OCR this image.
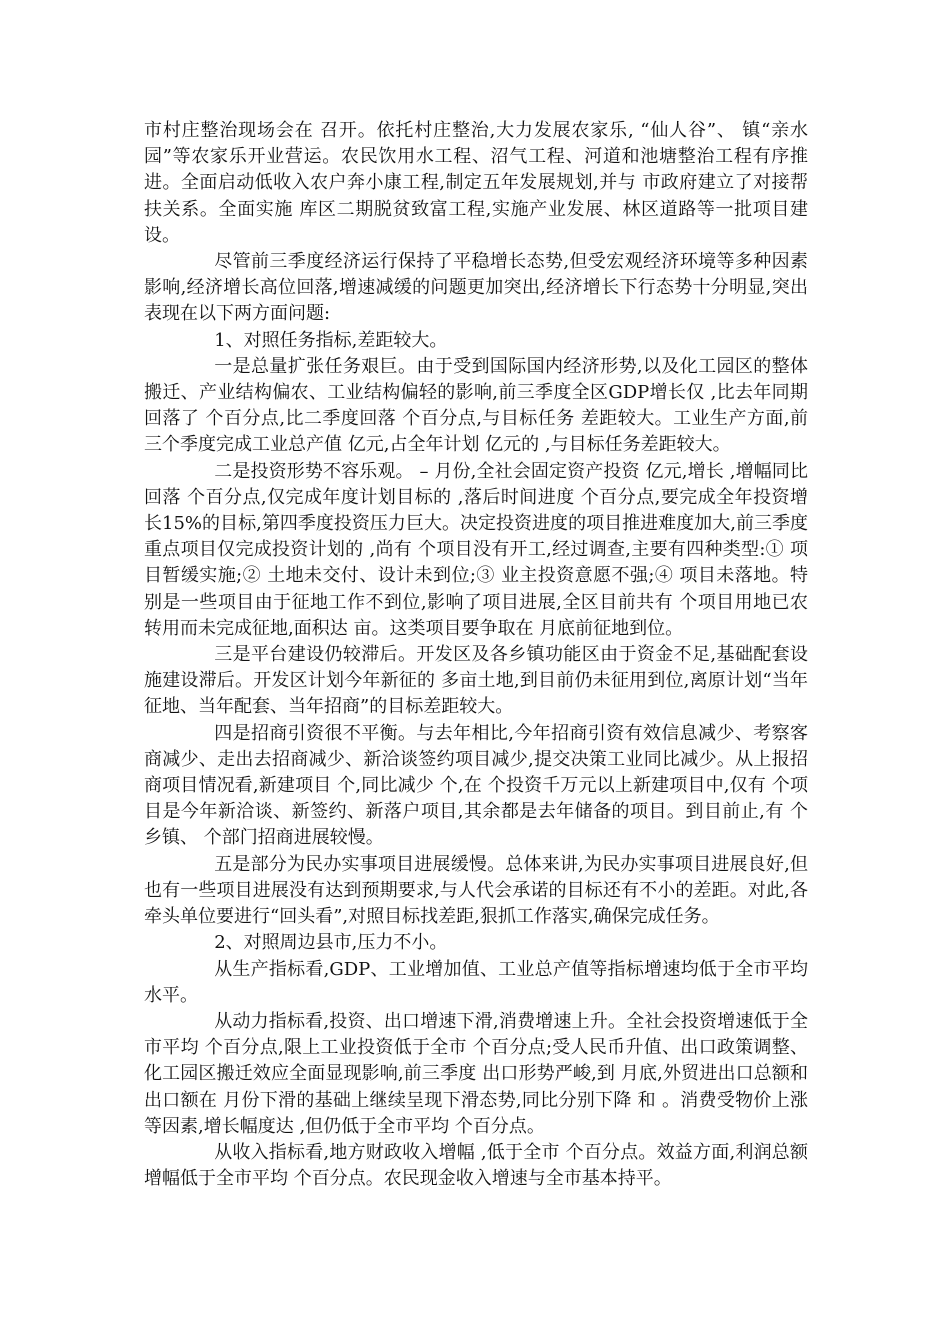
市村庄整治现场会在 召开。依托村庄整治,大力发展农家乐, “仙人谷”、 镇“亲水园”等农家乐开业营运。农民饮用水工程、沼气工程、河道和池塘整治工程有序推进。全面启动低收入农户奔小康工程,制定五年发展规划,并与 市政府建立了对接帮扶关系。全面实施 库区二期脱贫致富工程,实施产业发展、林区道路等一批项目建设。

尽管前三季度经济运行保持了平稳增长态势,但受宏观经济环境等多种因素影响,经济增长高位回落,增速减缓的问题更加突出,经济增长下行态势十分明显,突出表现在以下两方面问题:

1、对照任务指标,差距较大。

一是总量扩张任务艰巨。由于受到国际国内经济形势,以及化工园区的整体搬迁、产业结构偏农、工业结构偏轻的影响,前三季度全区GDP增长仅 ,比去年同期回落了 个百分点,比二季度回落 个百分点,与目标任务 差距较大。工业生产方面,前三个季度完成工业总产值 亿元,占全年计划 亿元的 ,与目标任务差距较大。

二是投资形势不容乐观。 – 月份,全社会固定资产投资 亿元,增长 ,增幅同比回落 个百分点,仅完成年度计划目标的 ,落后时间进度 个百分点,要完成全年投资增长15%的目标,第四季度投资压力巨大。决定投资进度的项目推进难度加大,前三季度重点项目仅完成投资计划的 ,尚有 个项目没有开工,经过调查,主要有四种类型:① 项目暂缓实施;② 土地未交付、设计未到位;③ 业主投资意愿不强;④ 项目未落地。特别是一些项目由于征地工作不到位,影响了项目进展,全区目前共有 个项目用地已农转用而未完成征地,面积达 亩。这类项目要争取在 月底前征地到位。

三是平台建设仍较滞后。开发区及各乡镇功能区由于资金不足,基础配套设施建设滞后。开发区计划今年新征的 多亩土地,到目前仍未征用到位,离原计划“当年征地、当年配套、当年招商”的目标差距较大。

四是招商引资很不平衡。与去年相比,今年招商引资有效信息减少、考察客商减少、走出去招商减少、新洽谈签约项目减少,提交决策工业同比减少。从上报招商项目情况看,新建项目 个,同比减少 个,在 个投资千万元以上新建项目中,仅有 个项目是今年新洽谈、新签约、新落户项目,其余都是去年储备的项目。到目前止,有 个乡镇、 个部门招商进展较慢。

五是部分为民办实事项目进展缓慢。总体来讲,为民办实事项目进展良好,但也有一些项目进展没有达到预期要求,与人代会承诺的目标还有不小的差距。对此,各牵头单位要进行“回头看”,对照目标找差距,狠抓工作落实,确保完成任务。

2、对照周边县市,压力不小。

从生产指标看,GDP、工业增加值、工业总产值等指标增速均低于全市平均水平。

从动力指标看,投资、出口增速下滑,消费增速上升。全社会投资增速低于全市平均 个百分点,限上工业投资低于全市 个百分点;受人民币升值、出口政策调整、化工园区搬迁效应全面显现影响,前三季度 出口形势严峻,到 月底,外贸进出口总额和出口额在 月份下滑的基础上继续呈现下滑态势,同比分别下降 和 。消费受物价上涨等因素,增长幅度达 ,但仍低于全市平均 个百分点。

从收入指标看,地方财政收入增幅 ,低于全市 个百分点。效益方面,利润总额增幅低于全市平均 个百分点。农民现金收入增速与全市基本持平。
